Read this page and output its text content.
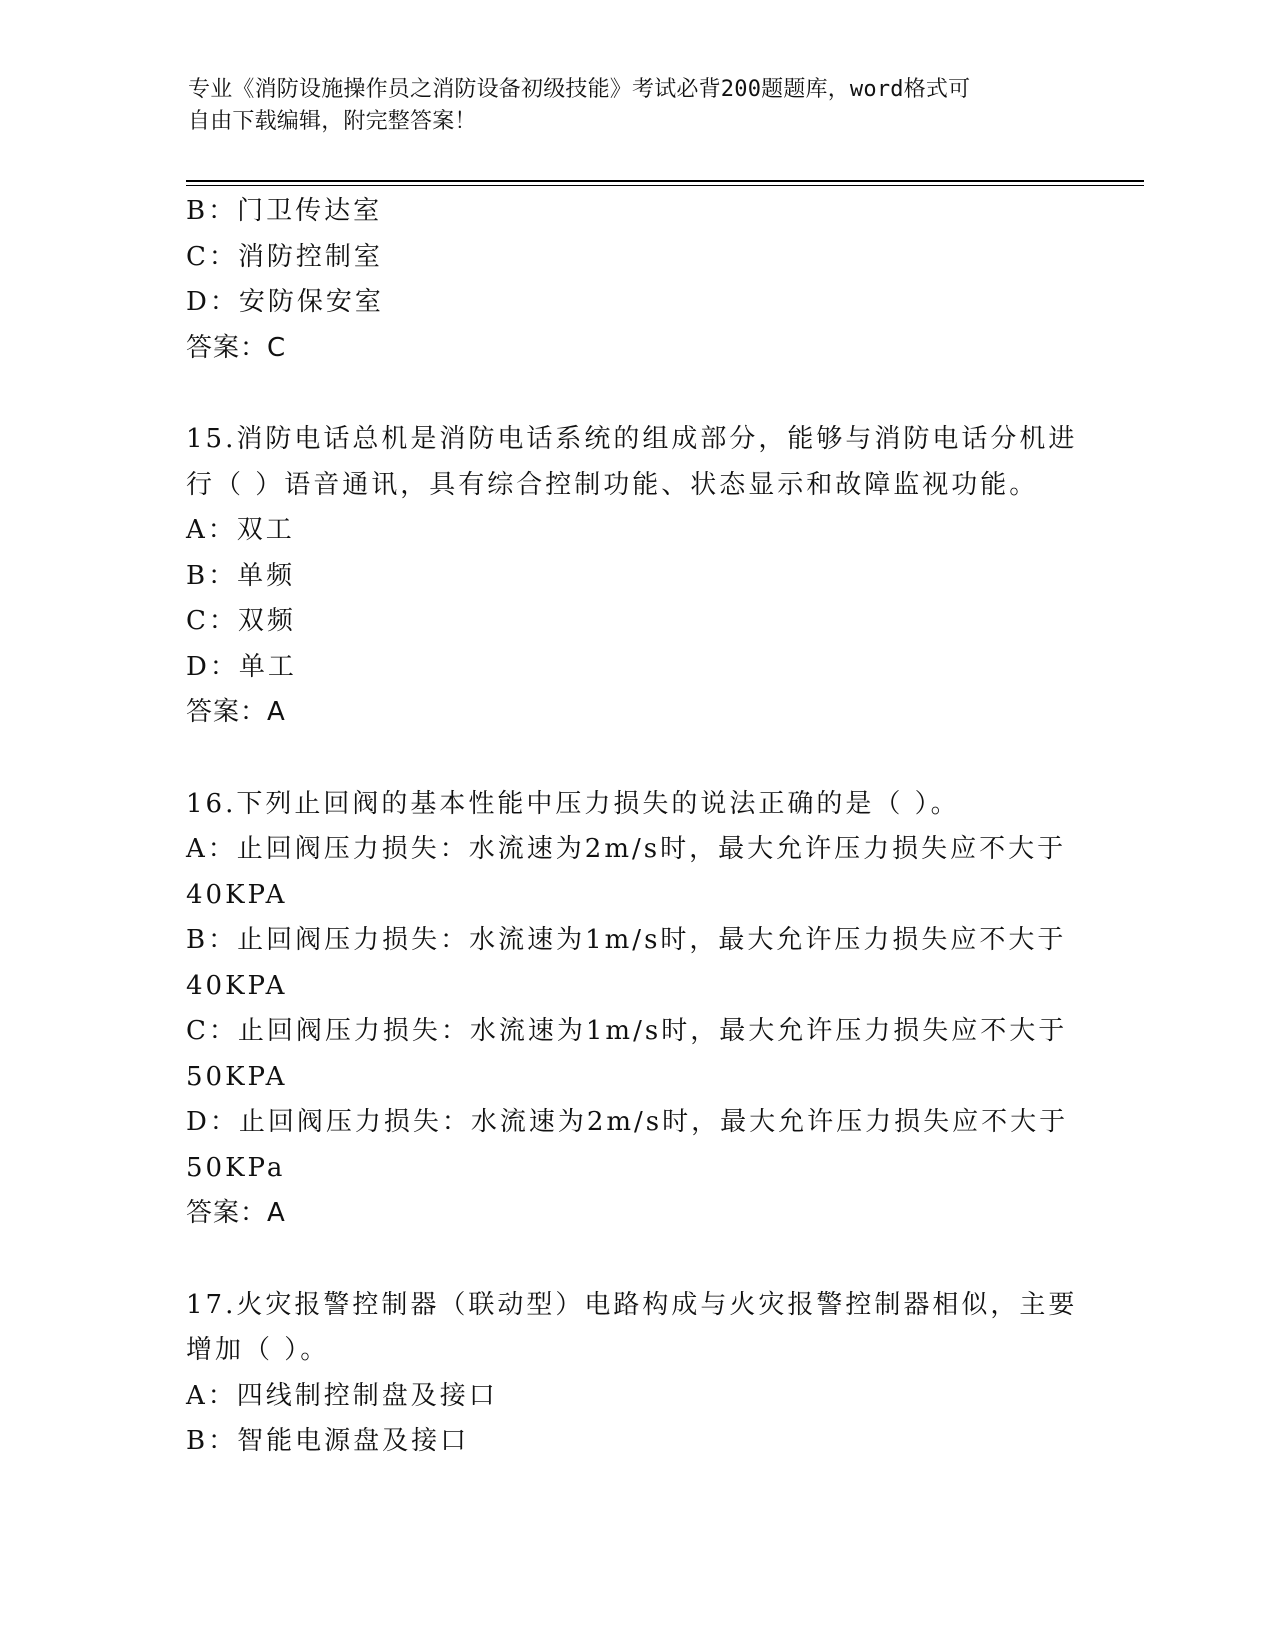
专业《消防设施操作员之消防设备初级技能》考试必背200题题库，word格式可
自由下载编辑，附完整答案！
B：门卫传达室
C：消防控制室
D：安防保安室
答案：C
15.消防电话总机是消防电话系统的组成部分，能够与消防电话分机进
行（ ）语音通讯，具有综合控制功能、状态显示和故障监视功能。
A：双工
B：单频
C：双频
D：单工
答案：A
16.下列止回阀的基本性能中压力损失的说法正确的是（ ）。
A：止回阀压力损失：水流速为2m/s时，最大允许压力损失应不大于
40KPA
B：止回阀压力损失：水流速为1m/s时，最大允许压力损失应不大于
40KPA
C：止回阀压力损失：水流速为1m/s时，最大允许压力损失应不大于
50KPA
D：止回阀压力损失：水流速为2m/s时，最大允许压力损失应不大于
50KPa
答案：A
17.火灾报警控制器（联动型）电路构成与火灾报警控制器相似，主要
增加（ ）。
A：四线制控制盘及接口
B：智能电源盘及接口
